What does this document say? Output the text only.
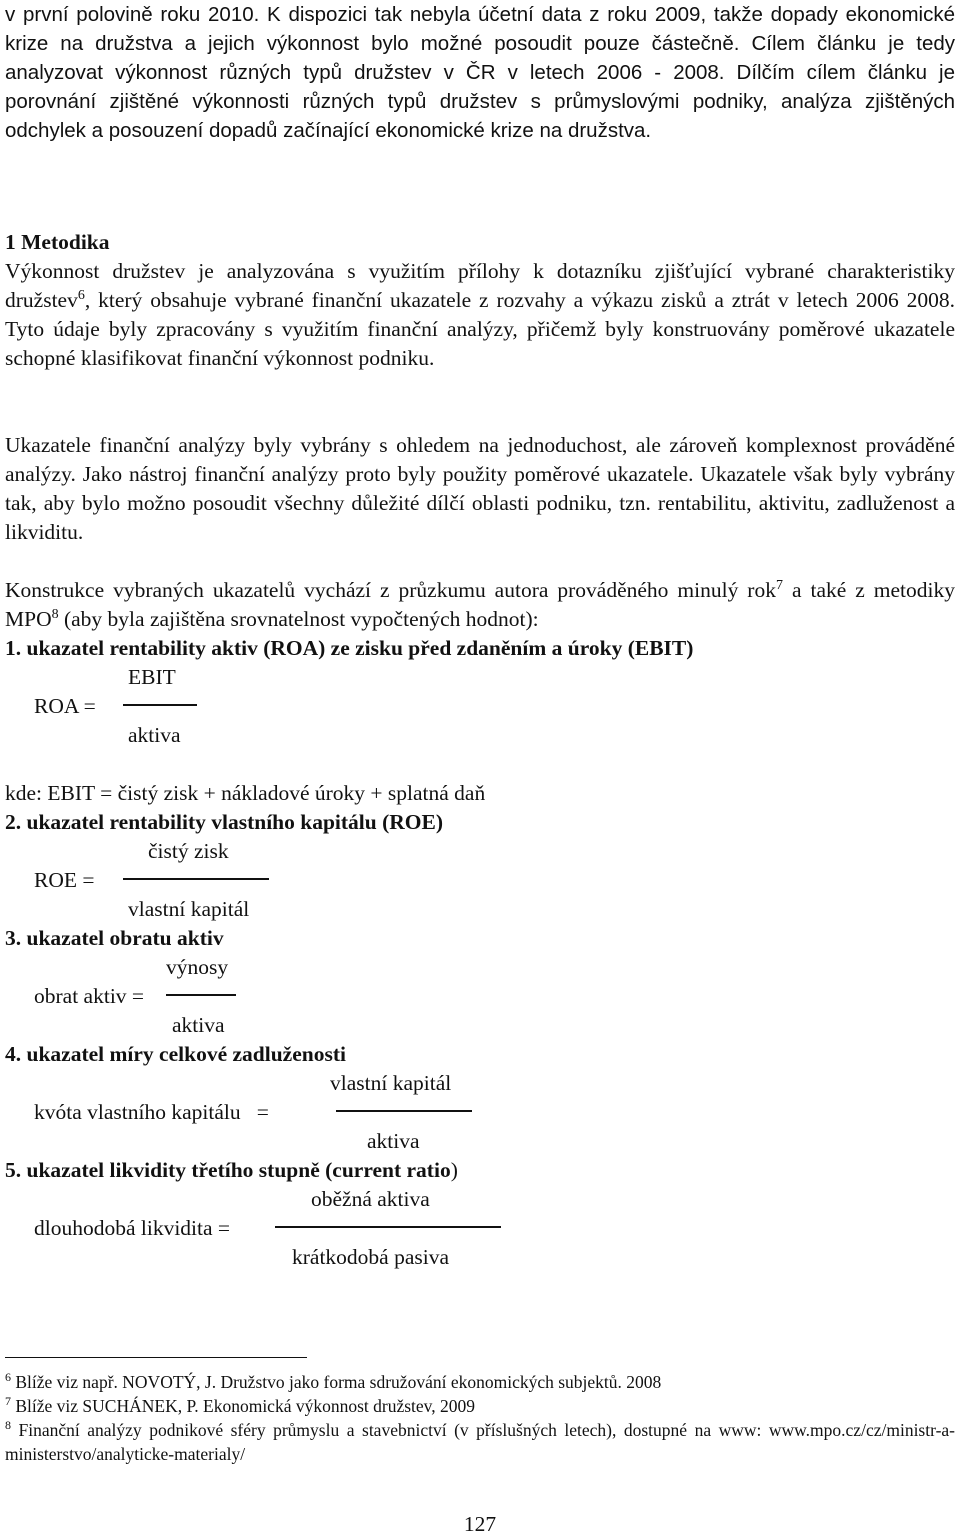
v první polovině roku 2010. K dispozici tak nebyla účetní data z roku 2009, takže dopady ekonomické krize na družstva a jejich výkonnost bylo možné posoudit pouze částečně. Cílem článku je tedy analyzovat výkonnost různých typů družstev v ČR v letech 2006 - 2008. Dílčím cílem článku je porovnání zjištěné výkonnosti různých typů družstev s průmyslovými podniky, analýza zjištěných odchylek a posouzení dopadů začínající ekonomické krize na družstva.

1 Metodika

Výkonnost družstev je analyzována s využitím přílohy k dotazníku zjišťující vybrané charakteristiky družstev$^6$, který obsahuje vybrané finanční ukazatele z rozvahy a výkazu zisků a ztrát v letech 2006 2008. Tyto údaje byly zpracovány s využitím finanční analýzy, přičemž byly konstruovány poměrové ukazatele schopné klasifikovat finanční výkonnost podniku.

Ukazatele finanční analýzy byly vybrány s ohledem na jednoduchost, ale zároveň komplexnost prováděné analýzy. Jako nástroj finanční analýzy proto byly použity poměrové ukazatele. Ukazatele však byly vybrány tak, aby bylo možno posoudit všechny důležité dílčí oblasti podniku, tzn. rentabilitu, aktivitu, zadluženost a likviditu.

Konstrukce vybraných ukazatelů vychází z průzkumu autora prováděného minulý rok$^7$ a také z metodiky MPO$^8$ (aby byla zajištěna srovnatelnost vypočtených hodnot):

1. ukazatel rentability aktiv (ROA) ze zisku před zdaněním a úroky (EBIT)

EBIT

ROA =

aktiva

kde: EBIT = čistý zisk + nákladové úroky + splatná daň

2. ukazatel rentability vlastního kapitálu (ROE)

čistý zisk

ROE =

vlastní kapitál

3. ukazatel obratu aktiv

výnosy

obrat aktiv =

aktiva

4. ukazatel míry celkové zadluženosti

vlastní kapitál

kvóta vlastního kapitálu   =

aktiva

5. ukazatel likvidity třetího stupně (current ratio)

oběžná aktiva

dlouhodobá likvidita =

krátkodobá pasiva

$^6$ Blíže viz např. NOVOTÝ, J. Družstvo jako forma sdružování ekonomických subjektů. 2008

$^7$ Blíže viz SUCHÁNEK, P. Ekonomická výkonnost družstev, 2009

$^8$ Finanční analýzy podnikové sféry průmyslu a stavebnictví (v příslušných letech), dostupné na www: www.mpo.cz/cz/ministr-a-ministerstvo/analyticke-materialy/

127
